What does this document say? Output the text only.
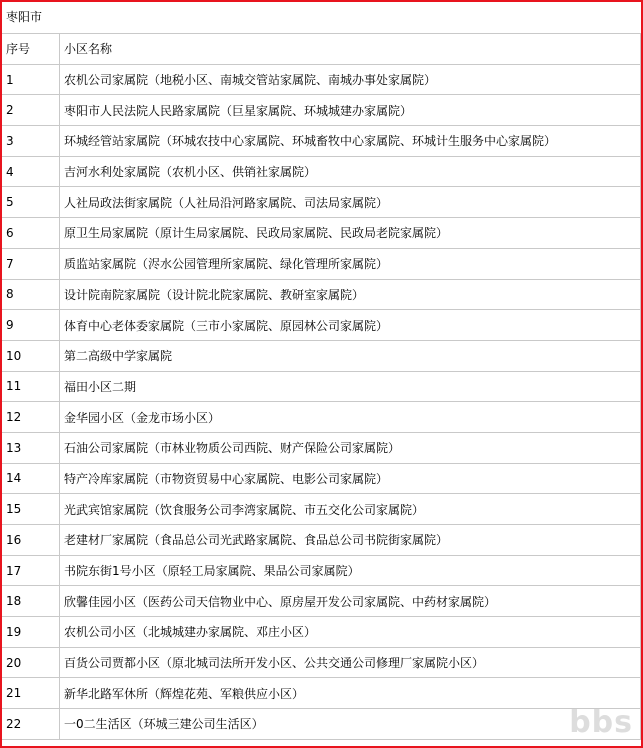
枣阳市
序号	小区名称
1	农机公司家属院（地税小区、南城交管站家属院、南城办事处家属院）
2	枣阳市人民法院人民路家属院（巨星家属院、环城城建办家属院）
3	环城经管站家属院（环城农技中心家属院、环城畜牧中心家属院、环城计生服务中心家属院）
4	吉河水利处家属院（农机小区、供销社家属院）
5	人社局政法街家属院（人社局沿河路家属院、司法局家属院）
6	原卫生局家属院（原计生局家属院、民政局家属院、民政局老院家属院）
7	质监站家属院（浕水公园管理所家属院、绿化管理所家属院）
8	设计院南院家属院（设计院北院家属院、教研室家属院）
9	体育中心老体委家属院（三市小家属院、原园林公司家属院）
10	第二高级中学家属院
11	福田小区二期
12	金华园小区（金龙市场小区）
13	石油公司家属院（市林业物质公司西院、财产保险公司家属院）
14	特产冷库家属院（市物资贸易中心家属院、电影公司家属院）
15	光武宾馆家属院（饮食服务公司李湾家属院、市五交化公司家属院）
16	老建材厂家属院（食品总公司光武路家属院、食品总公司书院街家属院）
17	书院东街1号小区（原轻工局家属院、果品公司家属院）
18	欣馨佳园小区（医药公司天信物业中心、原房屋开发公司家属院、中药材家属院）
19	农机公司小区（北城城建办家属院、邓庄小区）
20	百货公司贾都小区（原北城司法所开发小区、公共交通公司修理厂家属院小区）
21	新华北路军休所（辉煌花苑、军粮供应小区）
22	一0二生活区（环城三建公司生活区）	bbs
